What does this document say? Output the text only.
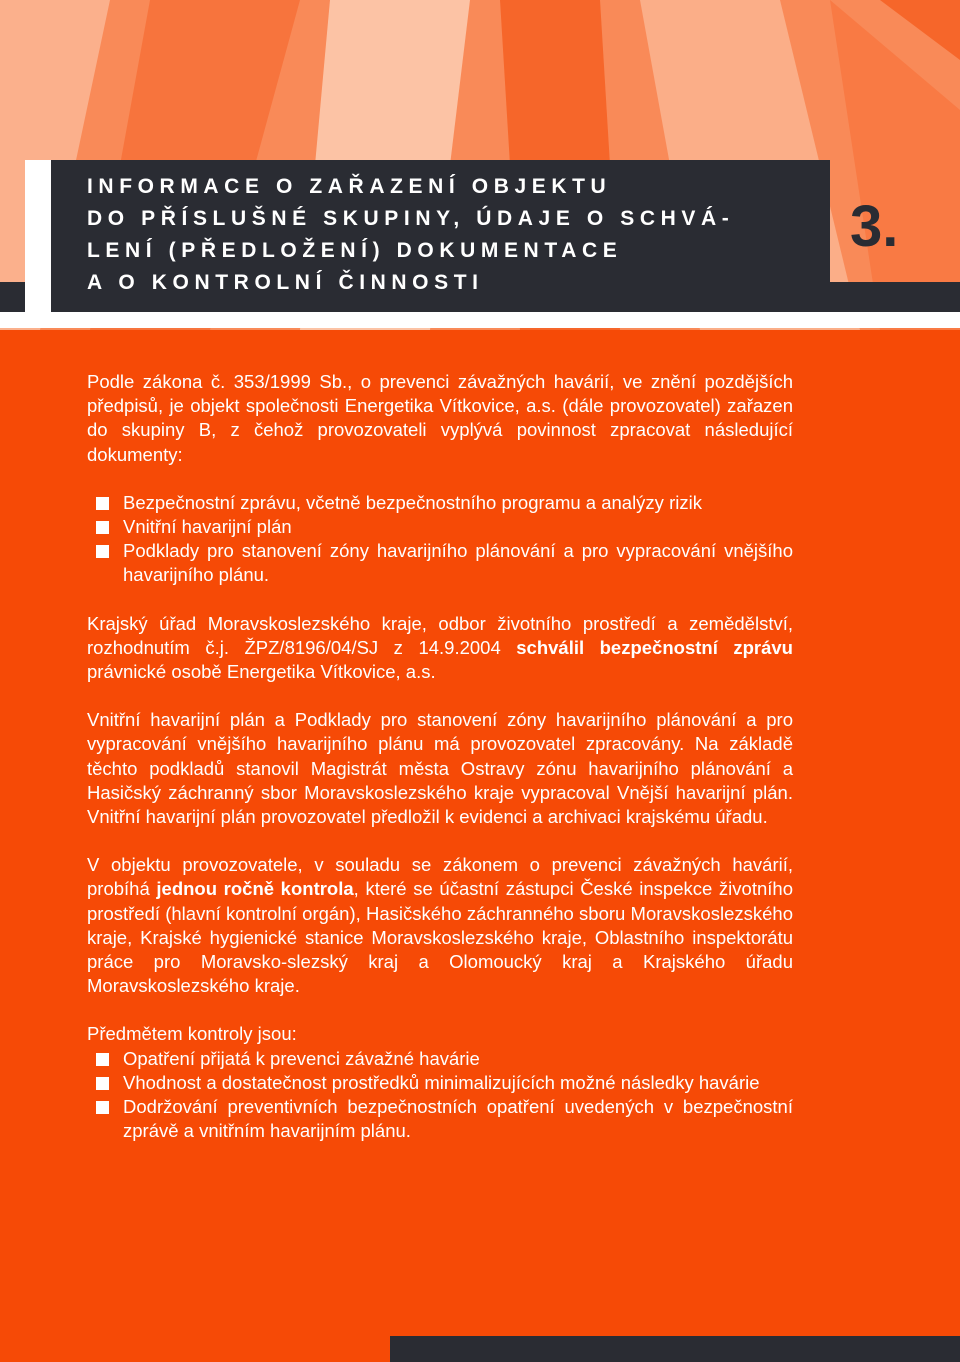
INFORMACE O ZAŘAZENÍ OBJEKTU
DO PŘÍSLUŠNÉ SKUPINY, ÚDAJE O SCHVÁ-
LENÍ (PŘEDLOŽENÍ) DOKUMENTACE
A O KONTROLNÍ ČINNOSTI
3.

Podle zákona č. 353/1999 Sb., o prevenci závažných havárií, ve znění pozdějších předpisů, je objekt společnosti Energetika Vítkovice, a.s. (dále provozovatel) zařazen do skupiny B, z čehož provozovateli vyplývá povinnost zpracovat následující dokumenty:

Bezpečnostní zprávu, včetně bezpečnostního programu a analýzy rizik
Vnitřní havarijní plán
Podklady pro stanovení zóny havarijního plánování a pro vypracování vnějšího havarijního plánu.

Krajský úřad Moravskoslezského kraje, odbor životního prostředí a zemědělství, rozhodnutím č.j. ŽPZ/8196/04/SJ z 14.9.2004 schválil bezpečnostní zprávu právnické osobě Energetika Vítkovice, a.s.

Vnitřní havarijní plán a Podklady pro stanovení zóny havarijního plánování a pro vypracování vnějšího havarijního plánu má provozovatel zpracovány. Na základě těchto podkladů stanovil Magistrát města Ostravy zónu havarijního plánování a Hasičský záchranný sbor Moravskoslezského kraje vypracoval Vnější havarijní plán. Vnitřní havarijní plán provozovatel předložil k evidenci a archivaci krajskému úřadu.

V objektu provozovatele, v souladu se zákonem o prevenci závažných havárií, probíhá jednou ročně kontrola, které se účastní zástupci České inspekce životního prostředí (hlavní kontrolní orgán), Hasičského záchranného sboru Moravskoslezského kraje, Krajské hygienické stanice Moravskoslezského kraje, Oblastního inspektorátu práce pro Moravsko-slezský kraj a Olomoucký kraj a Krajského úřadu Moravskoslezského kraje.

Předmětem kontroly jsou:

Opatření přijatá k prevenci závažné havárie
Vhodnost a dostatečnost prostředků minimalizujících možné následky havárie
Dodržování preventivních bezpečnostních opatření uvedených v bezpečnostní zprávě a vnitřním havarijním plánu.
